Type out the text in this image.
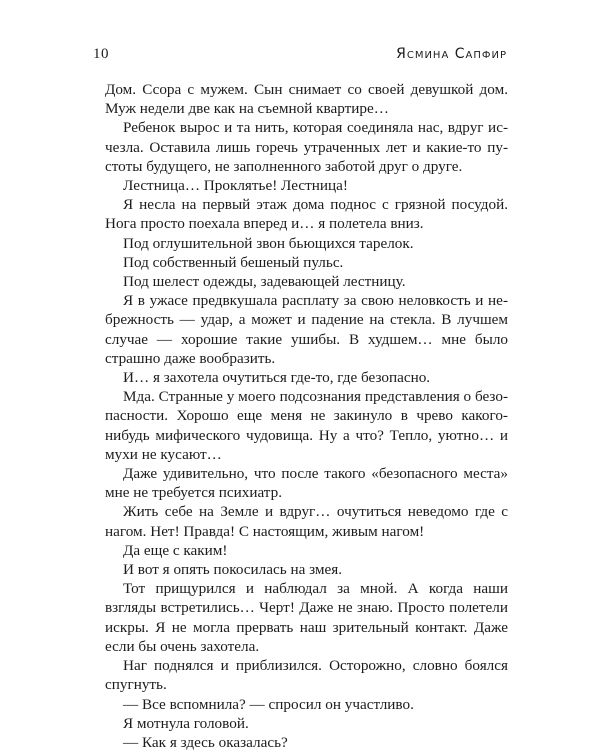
10	Ясмина Сапфир

Дом. Ссора с мужем. Сын снимает со своей девушкой дом. Муж недели две как на съемной квартире…

Ребенок вырос и та нить, которая соединяла нас, вдруг исчезла. Оставила лишь горечь утраченных лет и какие-то пустоты будущего, не заполненного заботой друг о друге.

Лестница… Проклятье! Лестница!

Я несла на первый этаж дома поднос с грязной посудой. Нога просто поехала вперед и… я полетела вниз.

Под оглушительной звон бьющихся тарелок.

Под собственный бешеный пульс.

Под шелест одежды, задевающей лестницу.

Я в ужасе предвкушала расплату за свою неловкость и небрежность — удар, а может и падение на стекла. В лучшем случае — хорошие такие ушибы. В худшем… мне было страшно даже вообразить.

И… я захотела очутиться где-то, где безопасно.

Мда. Странные у моего подсознания представления о безопасности. Хорошо еще меня не закинуло в чрево какого-нибудь мифического чудовища. Ну а что? Тепло, уютно… и мухи не кусают…

Даже удивительно, что после такого «безопасного места» мне не требуется психиатр.

Жить себе на Земле и вдруг… очутиться неведомо где с нагом. Нет! Правда! С настоящим, живым нагом!

Да еще с каким!

И вот я опять покосилась на змея.

Тот прищурился и наблюдал за мной. А когда наши взгляды встретились… Черт! Даже не знаю. Просто полетели искры. Я не могла прервать наш зрительный контакт. Даже если бы очень захотела.

Наг поднялся и приблизился. Осторожно, словно боялся спугнуть.

— Все вспомнила? — спросил он участливо.

Я мотнула головой.

— Как я здесь оказалась?
